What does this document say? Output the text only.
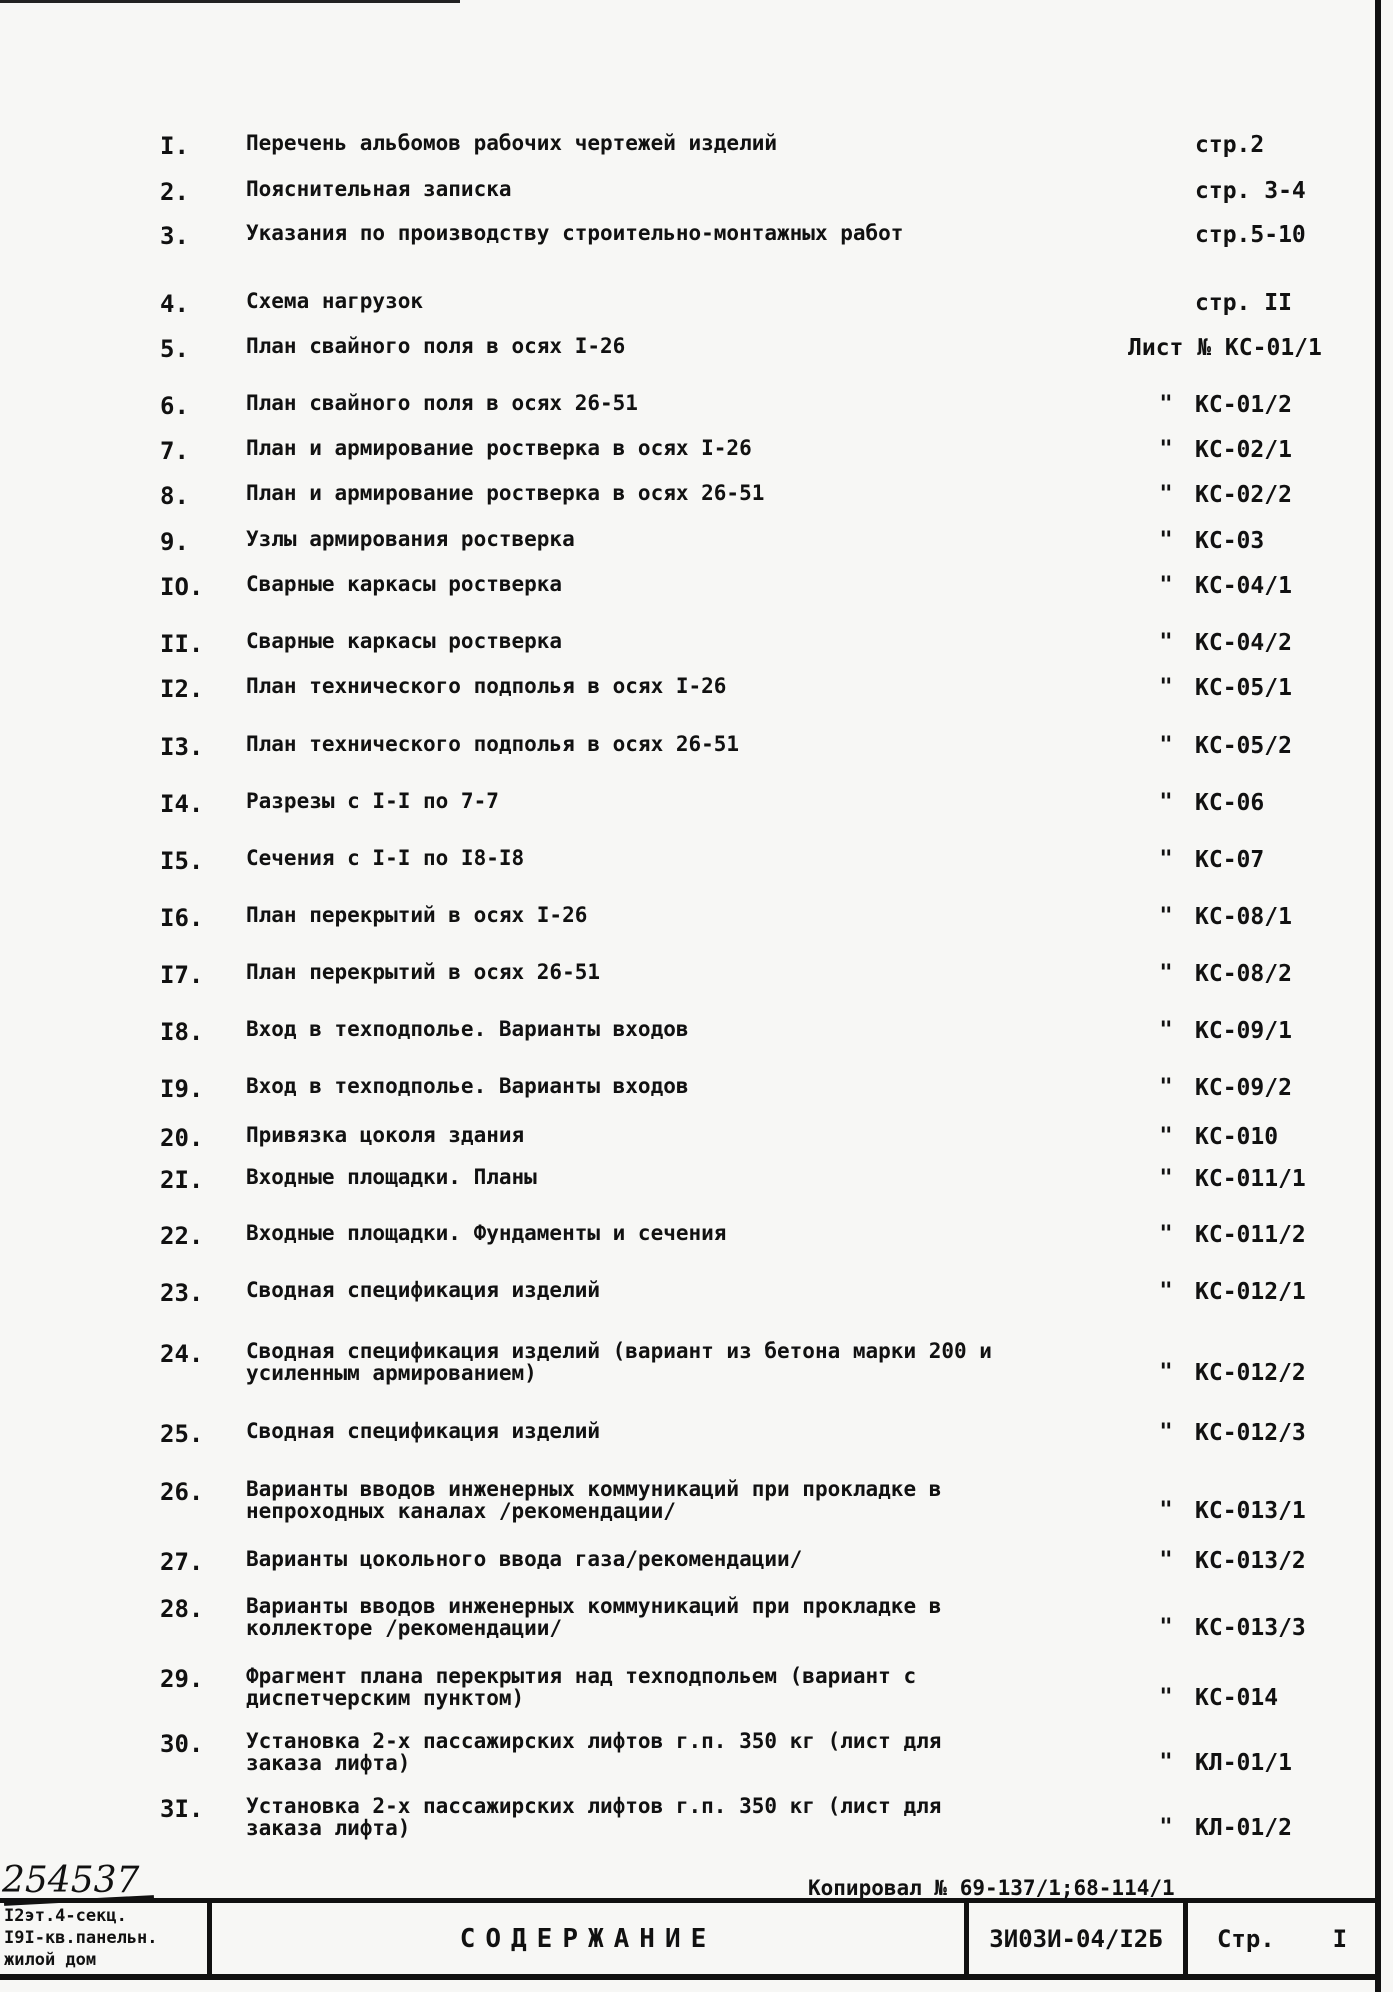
I.	Перечень альбомов рабочих чертежей изделий	стр.2
2.	Пояснительная записка	стр. 3-4
3.	Указания по производству строительно-монтажных работ	стр.5-10
4.	Схема нагрузок	стр. II
5.	План свайного поля в осях I-26	Лист № КС-01/1
6.	План свайного поля в осях 26-51	" КС-01/2
7.	План и армирование ростверка в осях I-26	" КС-02/1
8.	План и армирование ростверка в осях 26-51	" КС-02/2
9.	Узлы армирования ростверка	" КС-03
IO.	Сварные каркасы ростверка	" КС-04/1
II.	Сварные каркасы ростверка	" КС-04/2
I2.	План технического подполья в осях I-26	" КС-05/1
I3.	План технического подполья в осях 26-51	" КС-05/2
I4.	Разрезы с I-I по 7-7	" КС-06
I5.	Сечения с I-I по I8-I8	" КС-07
I6.	План перекрытий в осях I-26	" КС-08/1
I7.	План перекрытий в осях 26-51	" КС-08/2
I8.	Вход в техподполье. Варианты входов	" КС-09/1
I9.	Вход в техподполье. Варианты входов	" КС-09/2
20.	Привязка цоколя здания	" КС-010
2I.	Входные площадки. Планы	" КС-011/1
22.	Входные площадки. Фундаменты и сечения	" КС-011/2
23.	Сводная спецификация изделий	" КС-012/1
24.	Сводная спецификация изделий (вариант из бетона марки 200 и усиленным армированием)	" КС-012/2
25.	Сводная спецификация изделий	" КС-012/3
26.	Варианты вводов инженерных коммуникаций при прокладке в непроходных каналах /рекомендации/	" КС-013/1
27.	Варианты цокольного ввода газа/рекомендации/	" КС-013/2
28.	Варианты вводов инженерных коммуникаций при прокладке в коллекторе /рекомендации/	" КС-013/3
29.	Фрагмент плана перекрытия над техподпольем (вариант с диспетчерским пунктом)	" КС-014
30.	Установка 2-х пассажирских лифтов г.п. 350 кг (лист для заказа лифта)	" КЛ-01/1
3I.	Установка 2-х пассажирских лифтов г.п. 350 кг (лист для заказа лифта)	" КЛ-01/2
254537	Копировал № 69-137/1;68-114/1
I2эт.4-секц.
I9I-кв.панельн.
жилой дом
СОДЕРЖАНИЕ	ЗИ0ЗИ-04/I2Б	Стр. I
